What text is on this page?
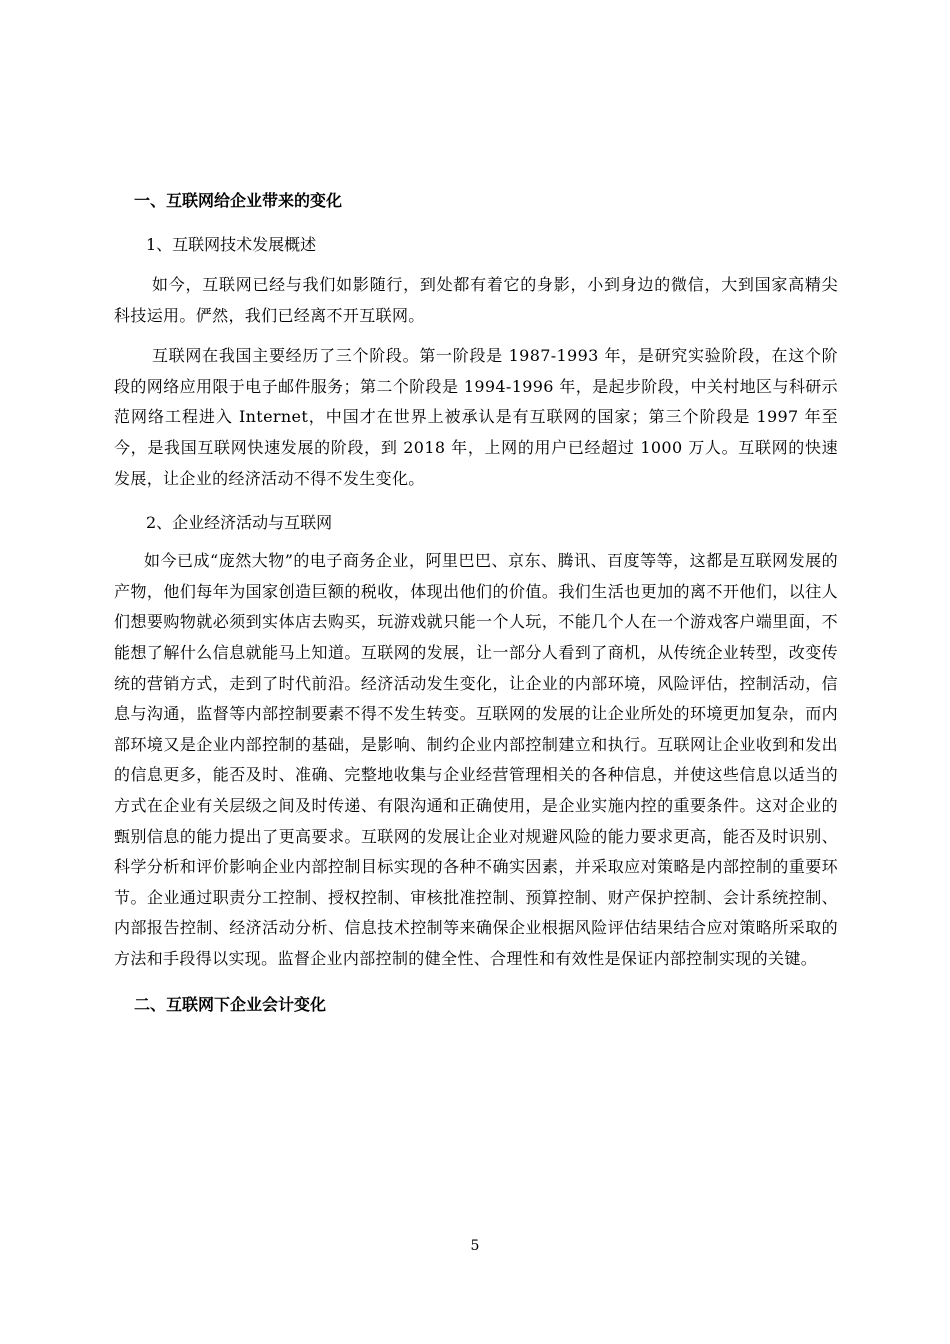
一、互联网给企业带来的变化
1、互联网技术发展概述

如今，互联网已经与我们如影随行，到处都有着它的身影，小到身边的微信，大到国家高精尖科技运用。俨然，我们已经离不开互联网。

互联网在我国主要经历了三个阶段。第一阶段是 1987-1993 年，是研究实验阶段，在这个阶段的网络应用限于电子邮件服务；第二个阶段是 1994-1996 年，是起步阶段，中关村地区与科研示范网络工程进入 Internet，中国才在世界上被承认是有互联网的国家；第三个阶段是 1997 年至今，是我国互联网快速发展的阶段，到 2018 年，上网的用户已经超过 1000 万人。互联网的快速发展，让企业的经济活动不得不发生变化。

2、企业经济活动与互联网

如今已成“庞然大物”的电子商务企业，阿里巴巴、京东、腾讯、百度等等，这都是互联网发展的产物，他们每年为国家创造巨额的税收，体现出他们的价值。我们生活也更加的离不开他们，以往人们想要购物就必须到实体店去购买，玩游戏就只能一个人玩，不能几个人在一个游戏客户端里面，不能想了解什么信息就能马上知道。互联网的发展，让一部分人看到了商机，从传统企业转型，改变传统的营销方式，走到了时代前沿。经济活动发生变化，让企业的内部环境，风险评估，控制活动，信息与沟通，监督等内部控制要素不得不发生转变。互联网的发展的让企业所处的环境更加复杂，而内部环境又是企业内部控制的基础，是影响、制约企业内部控制建立和执行。互联网让企业收到和发出的信息更多，能否及时、准确、完整地收集与企业经营管理相关的各种信息，并使这些信息以适当的方式在企业有关层级之间及时传递、有限沟通和正确使用，是企业实施内控的重要条件。这对企业的甄别信息的能力提出了更高要求。互联网的发展让企业对规避风险的能力要求更高，能否及时识别、科学分析和评价影响企业内部控制目标实现的各种不确实因素，并采取应对策略是内部控制的重要环节。企业通过职责分工控制、授权控制、审核批准控制、预算控制、财产保护控制、会计系统控制、内部报告控制、经济活动分析、信息技术控制等来确保企业根据风险评估结果结合应对策略所采取的方法和手段得以实现。监督企业内部控制的健全性、合理性和有效性是保证内部控制实现的关键。

二、互联网下企业会计变化
5
